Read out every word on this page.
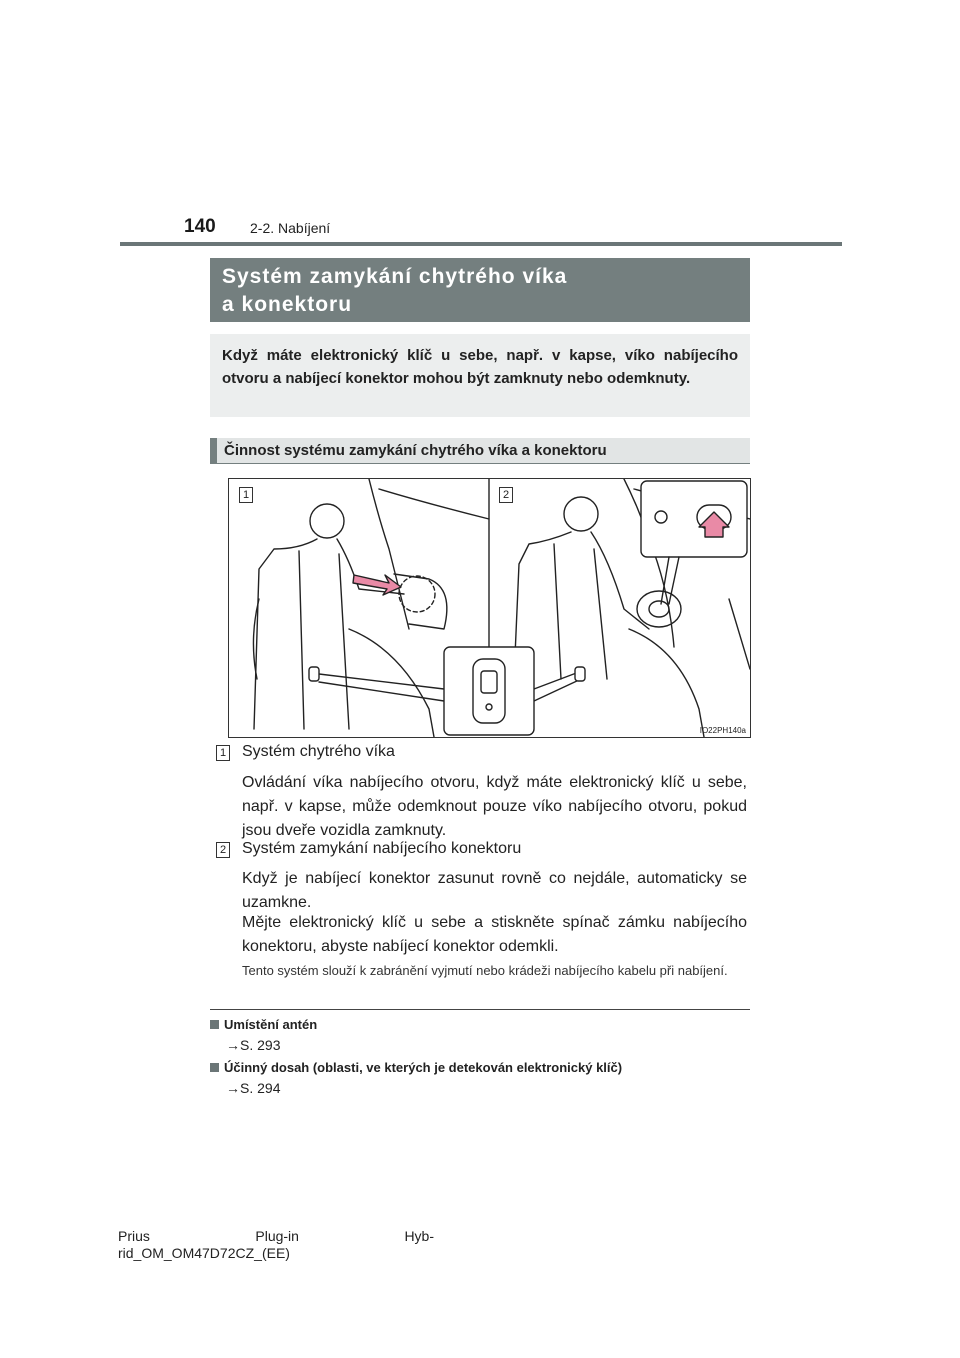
140 2-2. Nabíjení
Systém zamykání chytrého víka
a konektoru

Když máte elektronický klíč u sebe, např. v kapse, víko nabíjecího otvoru a nabíjecí konektor mohou být zamknuty nebo odemknuty.

Činnost systému zamykání chytrého víka a konektoru
1	2
IO22PH140a
1 Systém chytrého víka

Ovládání víka nabíjecího otvoru, když máte elektronický klíč u sebe, např. v kapse, může odemknout pouze víko nabíjecího otvoru, pokud jsou dveře vozidla zamknuty.

2 Systém zamykání nabíjecího konektoru

Když je nabíjecí konektor zasunut rovně co nejdále, automaticky se uzamkne.

Mějte elektronický klíč u sebe a stiskněte spínač zámku nabíjecího konektoru, abyste nabíjecí konektor odemkli.

Tento systém slouží k zabránění vyjmutí nebo krádeži nabíjecího kabelu při nabíjení.

Umístění antén
→S. 293
Účinný dosah (oblasti, ve kterých je detekován elektronický klíč)
→S. 294
Prius	Plug-in	Hyb-
rid_OM_OM47D72CZ_(EE)
